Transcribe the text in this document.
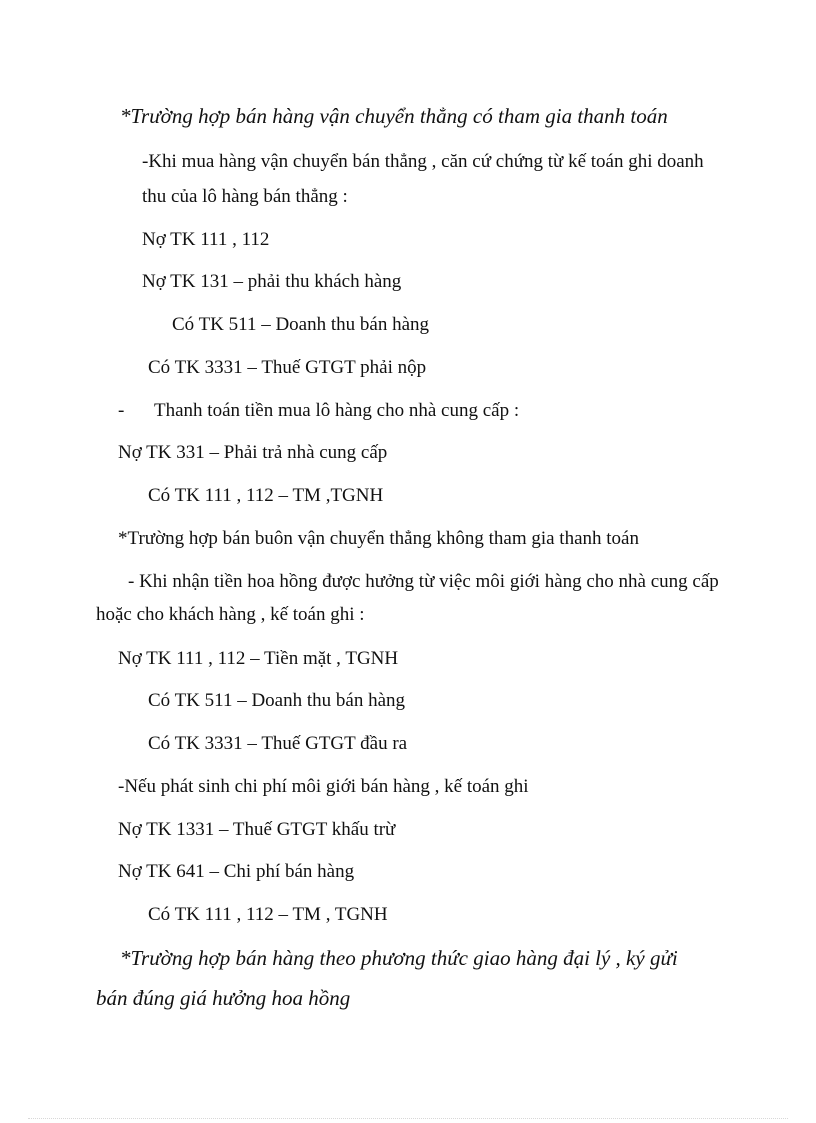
*Trường hợp bán hàng vận chuyển thẳng có tham gia thanh toán
-Khi mua hàng vận chuyển bán thẳng , căn cứ chứng từ kế toán ghi doanh
thu của lô hàng bán thẳng :
Nợ TK 111 , 112
Nợ TK 131 – phải thu khách hàng
Có TK 511 – Doanh thu bán hàng
Có TK 3331 – Thuế GTGT phải nộp
- Thanh toán tiền mua lô hàng cho nhà cung cấp :
Nợ TK 331 – Phải trả nhà cung cấp
Có TK 111 , 112 – TM ,TGNH
*Trường hợp bán buôn vận chuyển thẳng không tham gia thanh toán
- Khi nhận tiền hoa hồng được hưởng từ việc môi giới hàng cho nhà cung cấp
hoặc cho khách hàng , kế toán ghi :
Nợ TK 111 , 112 – Tiền mặt , TGNH
Có TK 511 – Doanh thu bán hàng
Có TK 3331 – Thuế GTGT đầu ra
-Nếu phát sinh chi phí môi giới bán hàng , kế toán ghi
Nợ TK 1331 – Thuế GTGT khấu trừ
Nợ TK 641 – Chi phí bán hàng
Có TK 111 , 112 – TM , TGNH
*Trường hợp bán hàng theo phương thức giao hàng đại lý , ký gửi
bán đúng giá hưởng hoa hồng
